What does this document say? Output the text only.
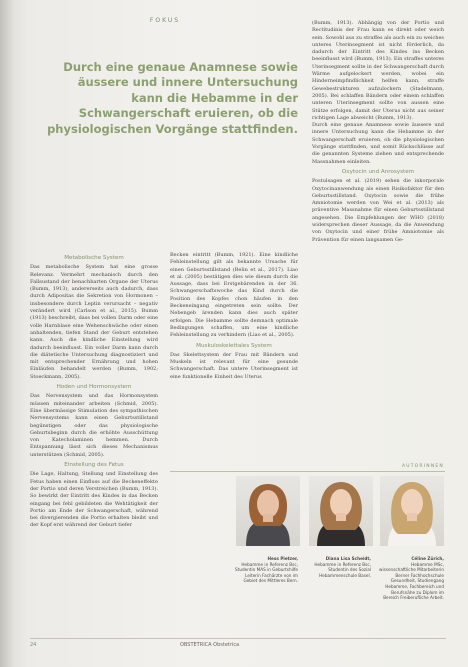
FOKUS
Durch eine genaue Anamnese sowie äussere und innere Untersuchung kann die Hebamme in der Schwangerschaft eruieren, ob die physiologischen Vorgänge stattfinden.
Metabolische System

Das metabolische System hat eine grosse Relevanz. Vermehrt mechanisch durch den Fallsustand der benachbarten Organe der Uterus (Bumm, 1913), andererseits auch dadurch, dass durch Adipositas die Sekretion von Hormonen – insbesondere durch Leptin verursacht – negativ verändert wird (Carlson et al., 2015). Bumm (1913) beschreibt, dass bei vollen Darm oder eine volle Harnblase eine Wehenschwäche oder einen anhaltenden, tiefen Stand der Geburt entstehen kann. Auch die kindliche Einstellung wird dadurch beeinflusst. Ein voller Darm kann durch die diätetische Untersuchung diagnostiziert und mit entsprechender Ernährung und hohen Einläufen behandelt werden (Bumm, 1902; Stoeckmann, 2005).

Hoden und Hormonsystem

Das Nervensystem und das Hormonsystem müssen miteinander arbeiten (Schmid, 2005). Eine übermässige Stimulation des sympathischen Nervensystems kann einen Geburtsstillstand begünstigen oder das physiologische Geburtsbeginn durch die erhöhte Ausschüttung von Katecholaminen hemmen. Durch Entspannung lässt sich dieses Mechanismus unterstützen (Schmid, 2005).

Einstellung des Fetus

Die Lage, Haltung, Stellung und Einstellung des Fetus haben einen Einfluss auf die Beckeneffekte der Portio und deren Verstreichen (Bumm, 1913). So bewirkt der Eintritt des Kindes in das Becken eingang bei fehl gebildeten die Wehtätigkeit der Portio am Ende der Schwangerschaft, während bei divergierenden die Portio erhalten bleibt und der Kopf erst während der Geburt tiefer

Becken eintritt (Bumm, 1921). Eine kindliche Fehleinstellung gilt als bekannte Ursache für einen Geburtsstillstand (Belin et al., 2017). Liao et al. (2005) bestätigen dies wie dieum durch die Aussage, dass bei Erstgebärenden in der 36. Schwangerschaftswoche das Kind durch die Position des Kopfes chon häufen in den Beckeneingang eingetreten sein sollte. Der Nebengeb ärenden kann dies auch später erfolgen. Die Hebamme sollte demnach optimale Bedingungen schaffen, um eine kindliche Fehleinstellung zu verhindern (Liao et al., 2005).

Muskuloskelettales System

Das Skelettsystem der Frau mit Bändern und Muskeln ist relevant für eine gesunde Schwangerschaft. Das untere Uterinsegment ist eine funktionelle Einheit des Uterus

(Bumm, 1913). Abhängig von der Portio und Rectitudinis der Frau kann es direkt oder weich sein. Sowohl aus zu straffes als auch ein zu weiches unteres Uterinsegment ist nicht förderlich, da dadurch der Eintritt des Kindes ins Becken beeinflusst wird (Bumm, 1913). Ein straffes unteres Uterinsegment sollte in der Schwangerschaft durch Wärme aufgelockert werden, wobei ein Hinderneimpfindlichkeit helfen kann, straffe Gewebestrukturen aufzulockern (Stadelmann, 2005). Bei schlaffen Bändern oder einem schlaffen unteren Uterinsegment sollte von aussen eine Stütze erfolgen, damit der Uterus nicht aus seiner richtigen Lage abweicht (Bumm, 1913).

Durch eine genaue Anamnese sowie äussere und innere Untersuchung kann die Hebamme in der Schwangerschaft eruieren, ob die physiologischen Vorgänge stattfinden, und somit Rückschlüsse auf die genannten Systeme ziehen und entsprechende Massnahmen einleiten.

Oxytocin und Anrosystem

Postulsagen et al. (2019) sehen die inkorporale Oxytocinanwendung als einen Risikofaktor für den Geburtsstillstand. Oxytocin sowie die frühe Amniotomie werden von Wei et al. (2013) als präventive Massnahme für einen Geburtsstillstand angesehen. Die Empfehlungen der WHO (2018) widersprechen dieser Aussage, da die Anwendung von Oxytocin und einer frühe Amniotomie als Prävention für einen langsamen Ge-

AUTORINNEN
Hess Pietzer,
Hebamme in Referenz Bsc, Studentin MAS in Geburtshilfe Leiterin Fachärzte von im Gebiet des Mittleres Bern.
Diana Lisa Scheidt,
Hebamme in Referenz Bsc, Studentin des Sozial Hebammenschule Basel.
Céline Zürich,
Hebamme MSc, wissenschaftliche Mitarbeiterin Berner Fachhochschule Gesundheit, Studiengang Hebamme, Fachbereich und Berufsnähe zu Diplom im Bereich Freiberufliche Arbeit.
24	OBSTETRICA Obstetrica
